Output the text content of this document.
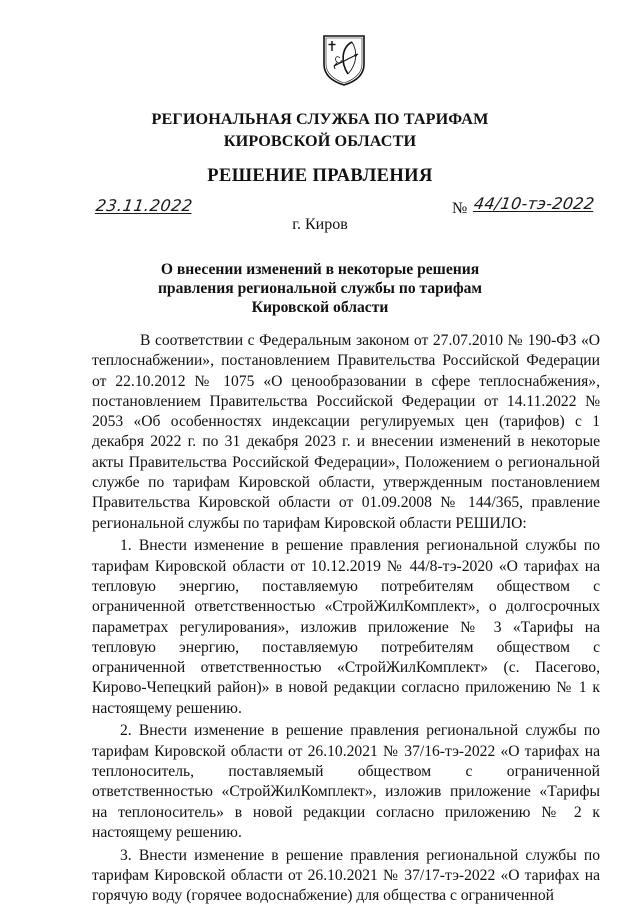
РЕГИОНАЛЬНАЯ СЛУЖБА ПО ТАРИФАМ
КИРОВСКОЙ ОБЛАСТИ
РЕШЕНИЕ ПРАВЛЕНИЯ
23.11.2022	№ 44/10-тэ-2022
г. Киров
О внесении изменений в некоторые решения
правления региональной службы по тарифам
Кировской области

В соответствии с Федеральным законом от 27.07.2010 № 190-ФЗ «О теплоснабжении», постановлением Правительства Российской Федерации от 22.10.2012 № 1075 «О ценообразовании в сфере теплоснабжения», постановлением Правительства Российской Федерации от 14.11.2022 № 2053 «Об особенностях индексации регулируемых цен (тарифов) с 1 декабря 2022 г. по 31 декабря 2023 г. и внесении изменений в некоторые акты Правительства Российской Федерации», Положением о региональной службе по тарифам Кировской области, утвержденным постановлением Правительства Кировской области от 01.09.2008 № 144/365, правление региональной службы по тарифам Кировской области РЕШИЛО:

1. Внести изменение в решение правления региональной службы по тарифам Кировской области от 10.12.2019 № 44/8-тэ-2020 «О тарифах на тепловую энергию, поставляемую потребителям обществом с ограниченной ответственностью «СтройЖилКомплект», о долгосрочных параметрах регулирования», изложив приложение № 3 «Тарифы на тепловую энергию, поставляемую потребителям обществом с ограниченной ответственностью «СтройЖилКомплект» (с. Пасегово, Кирово-Чепецкий район)» в новой редакции согласно приложению № 1 к настоящему решению.

2. Внести изменение в решение правления региональной службы по тарифам Кировской области от 26.10.2021 № 37/16-тэ-2022 «О тарифах на теплоноситель, поставляемый обществом с ограниченной ответственностью «СтройЖилКомплект», изложив приложение «Тарифы на теплоноситель» в новой редакции согласно приложению № 2 к настоящему решению.

3. Внести изменение в решение правления региональной службы по тарифам Кировской области от 26.10.2021 № 37/17-тэ-2022 «О тарифах на горячую воду (горячее водоснабжение) для общества с ограниченной
